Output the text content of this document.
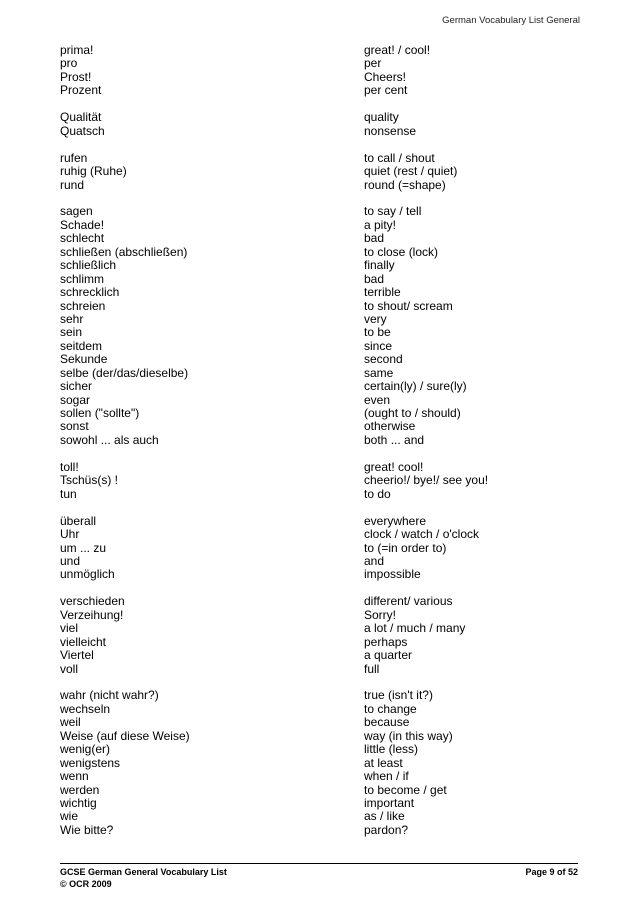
German Vocabulary List General
prima!	great! / cool!
pro	per
Prost!	Cheers!
Prozent	per cent
Qualität	quality
Quatsch	nonsense
rufen	to call / shout
ruhig (Ruhe)	quiet (rest / quiet)
rund	round (=shape)
sagen	to say / tell
Schade!	a pity!
schlecht	bad
schließen (abschließen)	to close (lock)
schließlich	finally
schlimm	bad
schrecklich	terrible
schreien	to shout/ scream
sehr	very
sein	to be
seitdem	since
Sekunde	second
selbe (der/das/dieselbe)	same
sicher	certain(ly) / sure(ly)
sogar	even
sollen ("sollte")	(ought to / should)
sonst	otherwise
sowohl ... als auch	both ... and
toll!	great! cool!
Tschüs(s) !	cheerio!/ bye!/ see you!
tun	to do
überall	everywhere
Uhr	clock / watch / o'clock
um ... zu	to (=in order to)
und	and
unmöglich	impossible
verschieden	different/ various
Verzeihung!	Sorry!
viel	a lot / much / many
vielleicht	perhaps
Viertel	a quarter
voll	full
wahr (nicht wahr?)	true (isn't it?)
wechseln	to change
weil	because
Weise (auf diese Weise)	way (in this way)
wenig(er)	little (less)
wenigstens	at least
wenn	when / if
werden	to become / get
wichtig	important
wie	as / like
Wie bitte?	pardon?
GCSE German General Vocabulary List
© OCR 2009
Page 9 of 52
